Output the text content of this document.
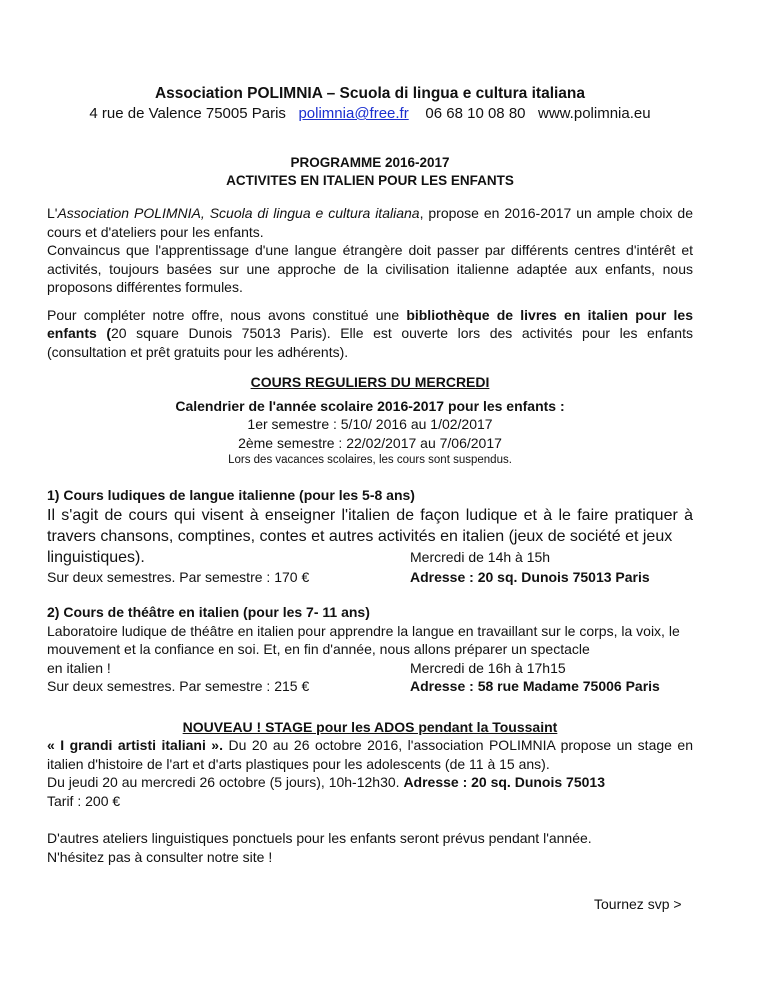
Association POLIMNIA – Scuola di lingua e cultura italiana
4 rue de Valence 75005 Paris polimnia@free.fr 06 68 10 08 80 www.polimnia.eu
PROGRAMME 2016-2017
ACTIVITES EN ITALIEN POUR LES ENFANTS
L'Association POLIMNIA, Scuola di lingua e cultura italiana, propose en 2016-2017 un ample choix de cours et d'ateliers pour les enfants.
Convaincus que l'apprentissage d'une langue étrangère doit passer par différents centres d'intérêt et activités, toujours basées sur une approche de la civilisation italienne adaptée aux enfants, nous proposons différentes formules.
Pour compléter notre offre, nous avons constitué une bibliothèque de livres en italien pour les enfants (20 square Dunois 75013 Paris). Elle est ouverte lors des activités pour les enfants (consultation et prêt gratuits pour les adhérents).
COURS REGULIERS DU MERCREDI
Calendrier de l'année scolaire 2016-2017 pour les enfants :
1er semestre : 5/10/ 2016 au 1/02/2017
2ème semestre : 22/02/2017 au 7/06/2017
Lors des vacances scolaires, les cours sont suspendus.
1) Cours ludiques de langue italienne (pour les 5-8 ans)
Il s'agit de cours qui visent à enseigner l'italien de façon ludique et à le faire pratiquer à travers chansons, comptines, contes et autres activités en italien (jeux de société et jeux
linguistiques).	Mercredi de 14h à 15h
Sur deux semestres. Par semestre : 170 €	Adresse : 20 sq. Dunois 75013 Paris
2) Cours de théâtre en italien (pour les 7- 11 ans)
Laboratoire ludique de théâtre en italien pour apprendre la langue en travaillant sur le corps, la voix, le mouvement et la confiance en soi. Et, en fin d'année, nous allons préparer un spectacle
en italien !	Mercredi de 16h à 17h15
Sur deux semestres. Par semestre : 215 €	Adresse : 58 rue Madame 75006 Paris
NOUVEAU ! STAGE pour les ADOS pendant la Toussaint
« I grandi artisti italiani ». Du 20 au 26 octobre 2016, l'association POLIMNIA propose un stage en italien d'histoire de l'art et d'arts plastiques pour les adolescents (de 11 à 15 ans).
Du jeudi 20 au mercredi 26 octobre (5 jours), 10h-12h30. Adresse : 20 sq. Dunois 75013
Tarif : 200 €
D'autres ateliers linguistiques ponctuels pour les enfants seront prévus pendant l'année.
N'hésitez pas à consulter notre site !
Tournez svp >
